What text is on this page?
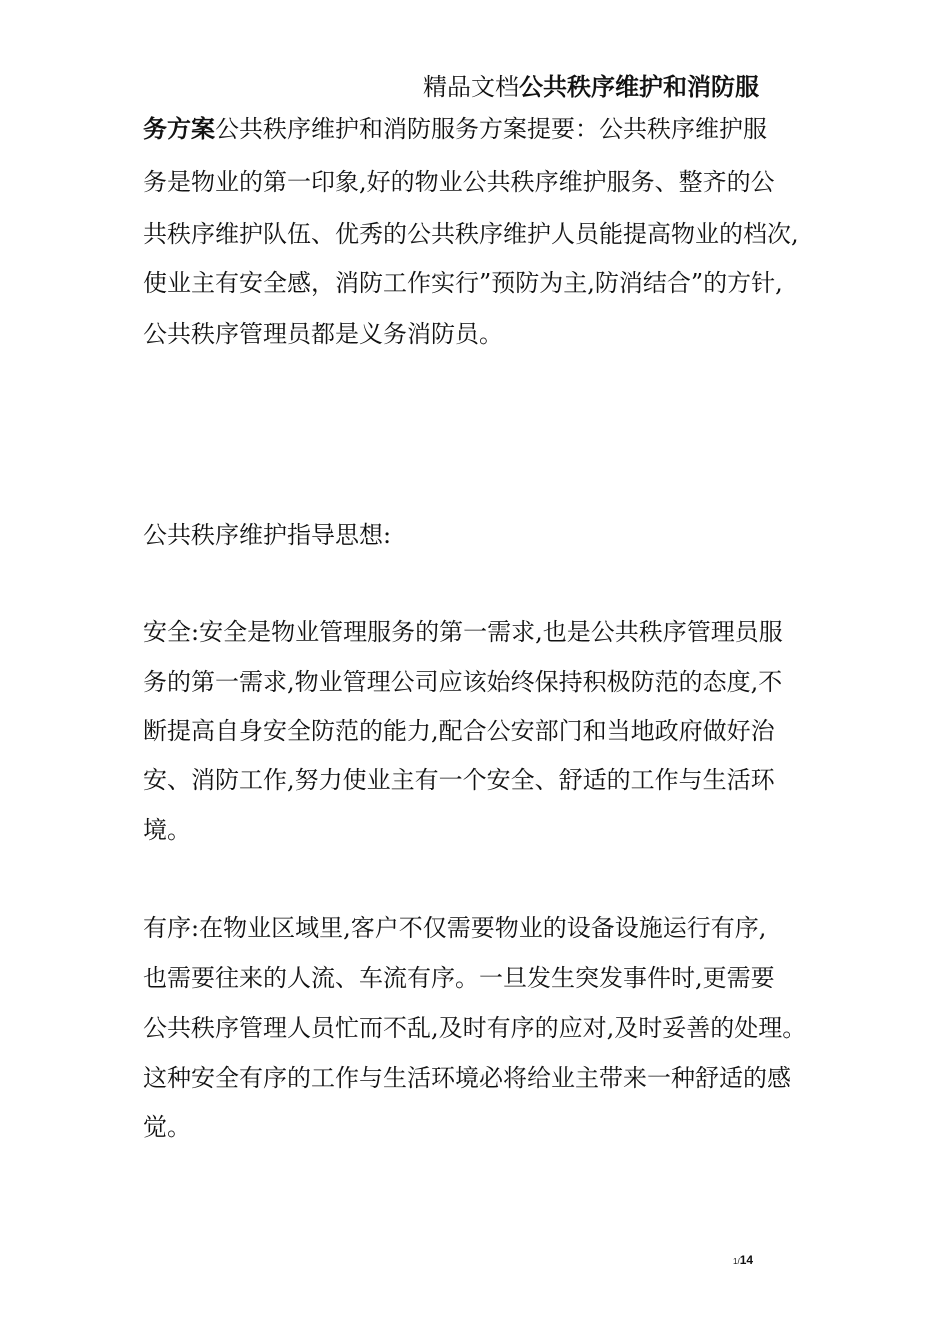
精品文档公共秩序维护和消防服
务方案公共秩序维护和消防服务方案提要：公共秩序维护服
务是物业的第一印象,好的物业公共秩序维护服务、整齐的公
共秩序维护队伍、优秀的公共秩序维护人员能提高物业的档次,
使业主有安全感，消防工作实行”预防为主,防消结合”的方针,
公共秩序管理员都是义务消防员。
公共秩序维护指导思想:
安全:安全是物业管理服务的第一需求,也是公共秩序管理员服
务的第一需求,物业管理公司应该始终保持积极防范的态度,不
断提高自身安全防范的能力,配合公安部门和当地政府做好治
安、消防工作,努力使业主有一个安全、舒适的工作与生活环
境。
有序:在物业区域里,客户不仅需要物业的设备设施运行有序,
也需要往来的人流、车流有序。一旦发生突发事件时,更需要
公共秩序管理人员忙而不乱,及时有序的应对,及时妥善的处理。
这种安全有序的工作与生活环境必将给业主带来一种舒适的感
觉。
1/14
